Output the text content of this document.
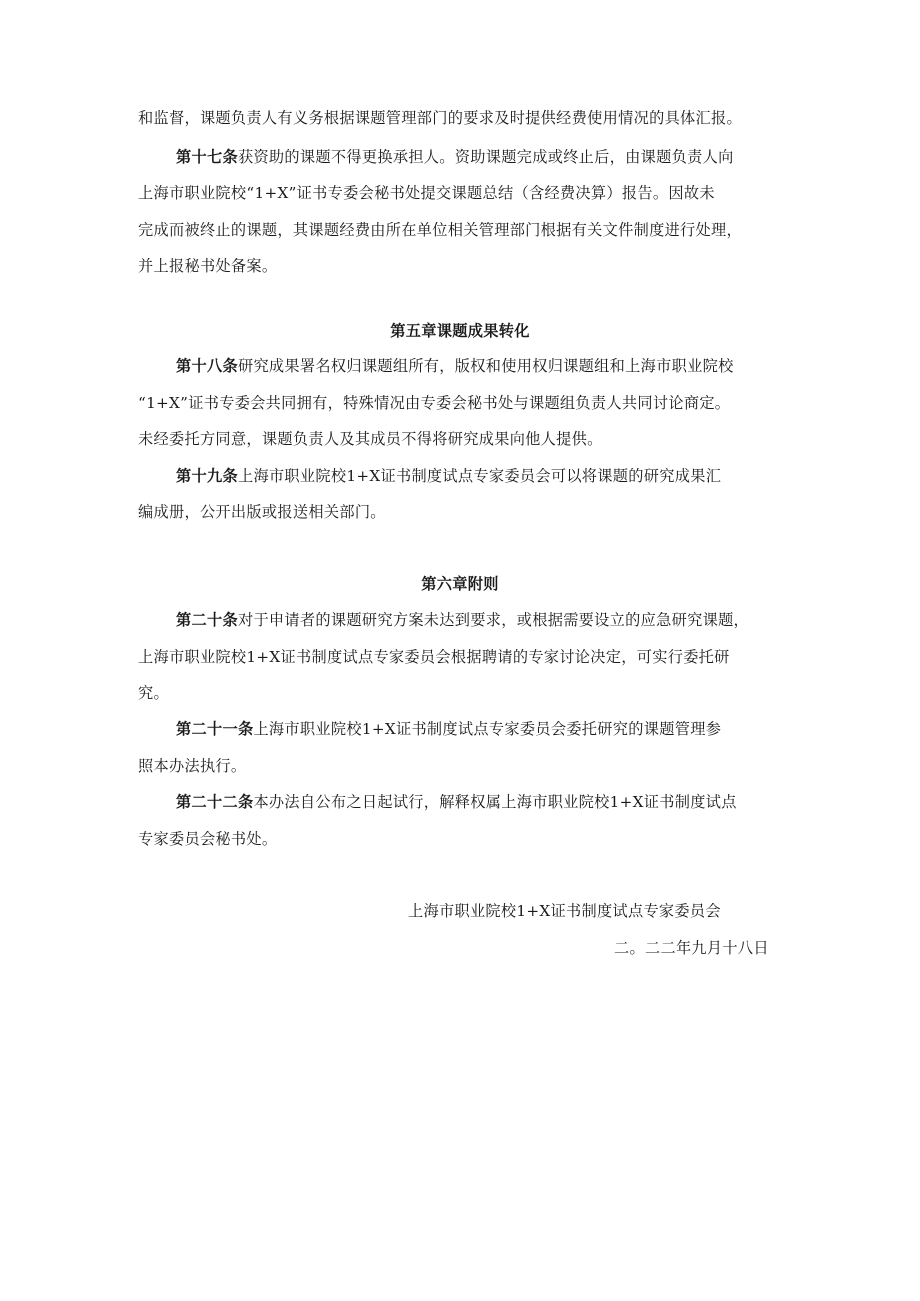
和监督，课题负责人有义务根据课题管理部门的要求及时提供经费使用情况的具体汇报。
第十七条获资助的课题不得更换承担人。资助课题完成或终止后，由课题负责人向
上海市职业院校“1+X”证书专委会秘书处提交课题总结（含经费决算）报告。因故未
完成而被终止的课题，其课题经费由所在单位相关管理部门根据有关文件制度进行处理，
并上报秘书处备案。
第五章课题成果转化
第十八条研究成果署名权归课题组所有，版权和使用权归课题组和上海市职业院校
“1+X”证书专委会共同拥有，特殊情况由专委会秘书处与课题组负责人共同讨论商定。
未经委托方同意，课题负责人及其成员不得将研究成果向他人提供。
第十九条上海市职业院校1+X证书制度试点专家委员会可以将课题的研究成果汇
编成册，公开出版或报送相关部门。
第六章附则
第二十条对于申请者的课题研究方案未达到要求，或根据需要设立的应急研究课题，
上海市职业院校1+X证书制度试点专家委员会根据聘请的专家讨论决定，可实行委托研
究。
第二十一条上海市职业院校1+X证书制度试点专家委员会委托研究的课题管理参
照本办法执行。
第二十二条本办法自公布之日起试行，解释权属上海市职业院校1+X证书制度试点
专家委员会秘书处。
上海市职业院校1+X证书制度试点专家委员会
二。二二年九月十八日
